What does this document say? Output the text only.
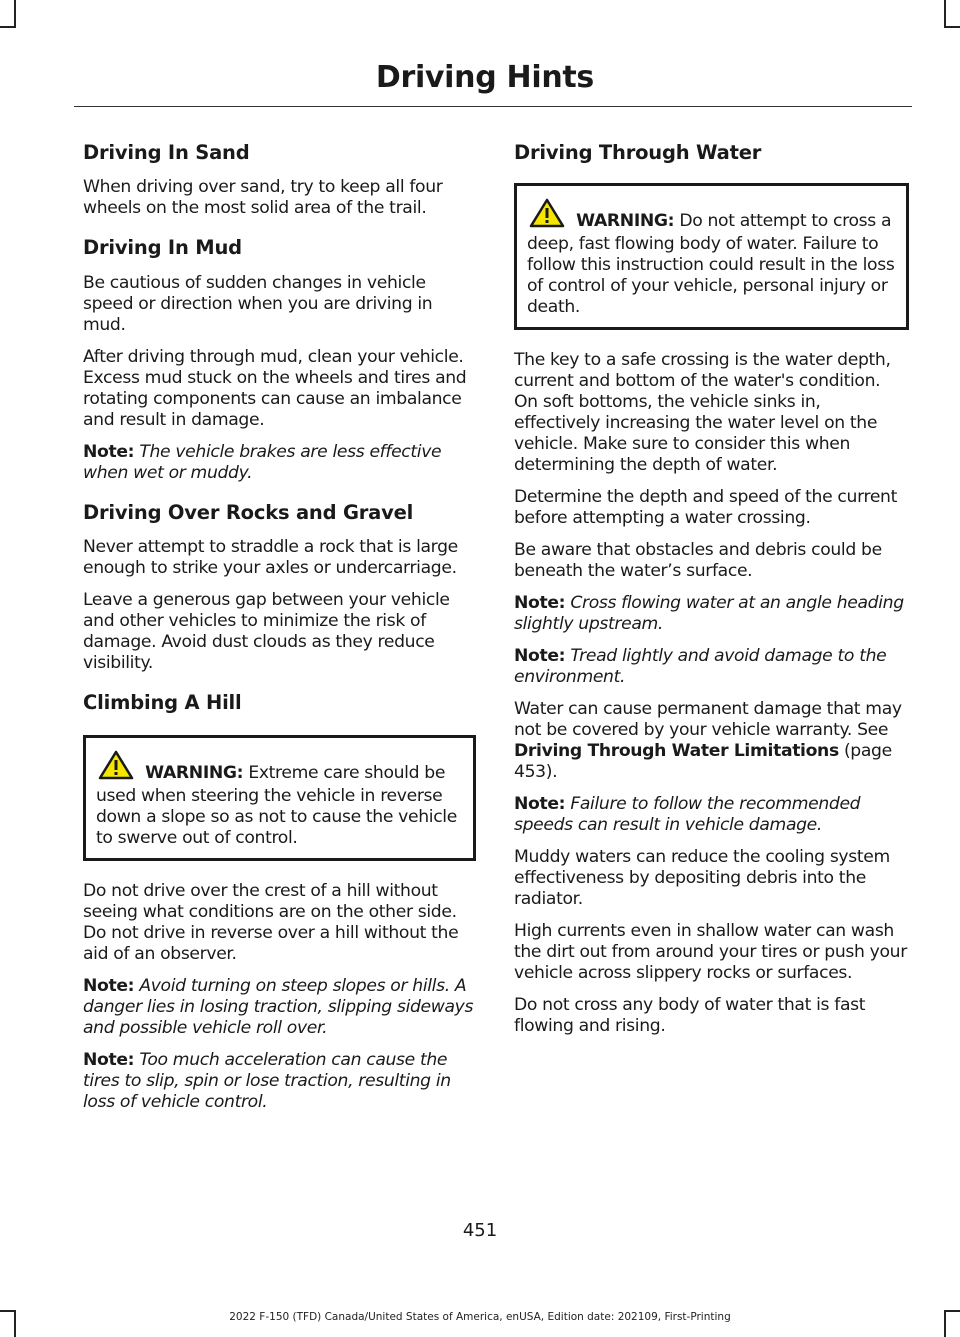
Driving Hints
Driving In Sand

When driving over sand, try to keep all four wheels on the most solid area of the trail.

Driving In Mud

Be cautious of sudden changes in vehicle speed or direction when you are driving in mud.

After driving through mud, clean your vehicle. Excess mud stuck on the wheels and tires and rotating components can cause an imbalance and result in damage.

Note: The vehicle brakes are less effective when wet or muddy.

Driving Over Rocks and Gravel

Never attempt to straddle a rock that is large enough to strike your axles or undercarriage.

Leave a generous gap between your vehicle and other vehicles to minimize the risk of damage. Avoid dust clouds as they reduce visibility.

Climbing A Hill
WARNING: Extreme care should be used when steering the vehicle in reverse down a slope so as not to cause the vehicle to swerve out of control.

Do not drive over the crest of a hill without seeing what conditions are on the other side. Do not drive in reverse over a hill without the aid of an observer.

Note: Avoid turning on steep slopes or hills. A danger lies in losing traction, slipping sideways and possible vehicle roll over.

Note: Too much acceleration can cause the tires to slip, spin or lose traction, resulting in loss of vehicle control.

Driving Through Water
WARNING: Do not attempt to cross a deep, fast flowing body of water. Failure to follow this instruction could result in the loss of control of your vehicle, personal injury or death.

The key to a safe crossing is the water depth, current and bottom of the water's condition. On soft bottoms, the vehicle sinks in, effectively increasing the water level on the vehicle. Make sure to consider this when determining the depth of water.

Determine the depth and speed of the current before attempting a water crossing.

Be aware that obstacles and debris could be beneath the water’s surface.

Note: Cross flowing water at an angle heading slightly upstream.

Note: Tread lightly and avoid damage to the environment.

Water can cause permanent damage that may not be covered by your vehicle warranty. See Driving Through Water Limitations (page 453).

Note: Failure to follow the recommended speeds can result in vehicle damage.

Muddy waters can reduce the cooling system effectiveness by depositing debris into the radiator.

High currents even in shallow water can wash the dirt out from around your tires or push your vehicle across slippery rocks or surfaces.

Do not cross any body of water that is fast flowing and rising.

451
2022 F-150 (TFD) Canada/United States of America, enUSA, Edition date: 202109, First-Printing
